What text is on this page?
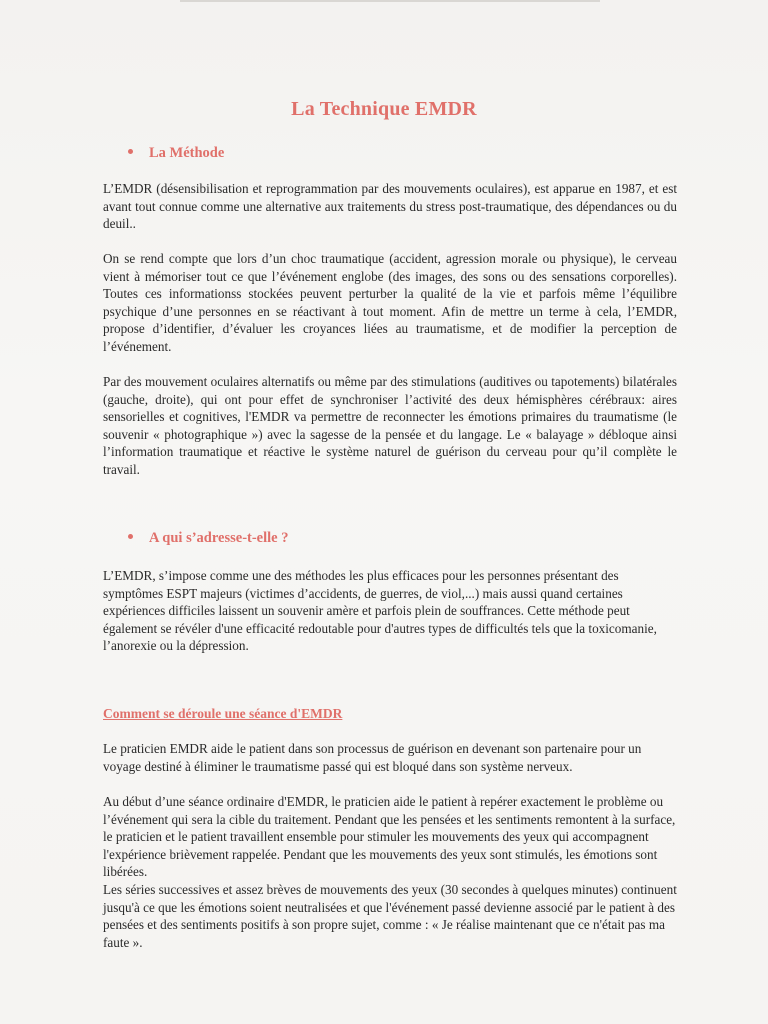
La Technique EMDR
La Méthode

L’EMDR (désensibilisation et reprogrammation par des mouvements oculaires), est apparue en 1987, et est avant tout connue comme une alternative aux traitements du stress post-traumatique, des dépendances ou du deuil..

On se rend compte que lors d’un choc traumatique (accident, agression morale ou physique), le cerveau vient à mémoriser tout ce que l’événement englobe (des images, des sons ou des sensations corporelles). Toutes ces informationss stockées peuvent perturber la qualité de la vie et parfois même l’équilibre psychique d’une personnes en se réactivant à tout moment. Afin de mettre un terme à cela, l’EMDR, propose d’identifier, d’évaluer les croyances liées au traumatisme, et de modifier la perception de l’événement.

Par des mouvement oculaires alternatifs ou même par des stimulations (auditives ou tapotements) bilatérales (gauche, droite), qui ont pour effet de synchroniser l’activité des deux hémisphères cérébraux: aires sensorielles et cognitives, l'EMDR va permettre de reconnecter les émotions primaires du traumatisme (le souvenir « photographique ») avec la sagesse de la pensée et du langage. Le « balayage » débloque ainsi l’information traumatique et réactive le système naturel de guérison du cerveau pour qu’il complète le travail.

A qui s’adresse-t-elle ?

L’EMDR, s’impose comme une des méthodes les plus efficaces pour les personnes présentant des symptômes ESPT majeurs (victimes d’accidents, de guerres, de viol,...) mais aussi quand certaines expériences difficiles laissent un souvenir amère et parfois plein de souffrances. Cette méthode peut également se révéler d'une efficacité redoutable pour d'autres types de difficultés tels que la toxicomanie, l’anorexie ou la dépression.

Comment se déroule une séance d'EMDR

Le praticien EMDR aide le patient dans son processus de guérison en devenant son partenaire pour un voyage destiné à éliminer le traumatisme passé qui est bloqué dans son système nerveux.

Au début d’une séance ordinaire d'EMDR, le praticien aide le patient à repérer exactement le problème ou l’événement qui sera la cible du traitement. Pendant que les pensées et les sentiments remontent à la surface, le praticien et le patient travaillent ensemble pour stimuler les mouvements des yeux qui accompagnent l'expérience brièvement rappelée. Pendant que les mouvements des yeux sont stimulés, les émotions sont libérées.

Les séries successives et assez brèves de mouvements des yeux (30 secondes à quelques minutes) continuent jusqu'à ce que les émotions soient neutralisées et que l'événement passé devienne associé par le patient à des pensées et des sentiments positifs à son propre sujet, comme : « Je réalise maintenant que ce n'était pas ma faute ».
